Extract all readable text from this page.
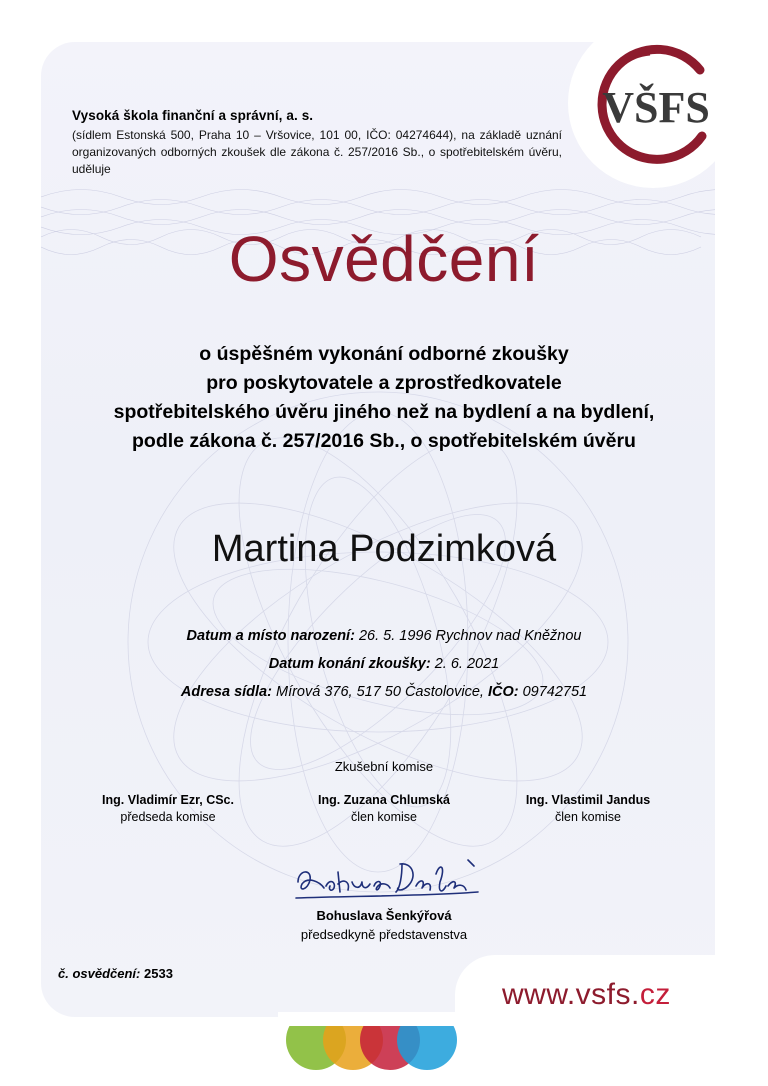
VŠFS
Vysoká škola finanční a správní, a. s.
(sídlem Estonská 500, Praha 10 – Vršovice, 101 00, IČO: 04274644), na základě uznání organizovaných odborných zkoušek dle zákona č. 257/2016 Sb., o spotřebitelském úvěru, uděluje
Osvědčení
o úspěšném vykonání odborné zkoušky
pro poskytovatele a zprostředkovatele
spotřebitelského úvěru jiného než na bydlení a na bydlení,
podle zákona č. 257/2016 Sb., o spotřebitelském úvěru
Martina Podzimková
Datum a místo narození: 26. 5. 1996 Rychnov nad Kněžnou
Datum konání zkoušky: 2. 6. 2021
Adresa sídla: Mírová 376, 517 50 Častolovice, IČO: 09742751
Zkušební komise
Ing. Vladimír Ezr, CSc.
předseda komise
Ing. Zuzana Chlumská
člen komise
Ing. Vlastimil Jandus
člen komise
Bohuslava Šenkýřová
předsedkyně představenstva
č. osvědčení: 2533
www.vsfs.cz
